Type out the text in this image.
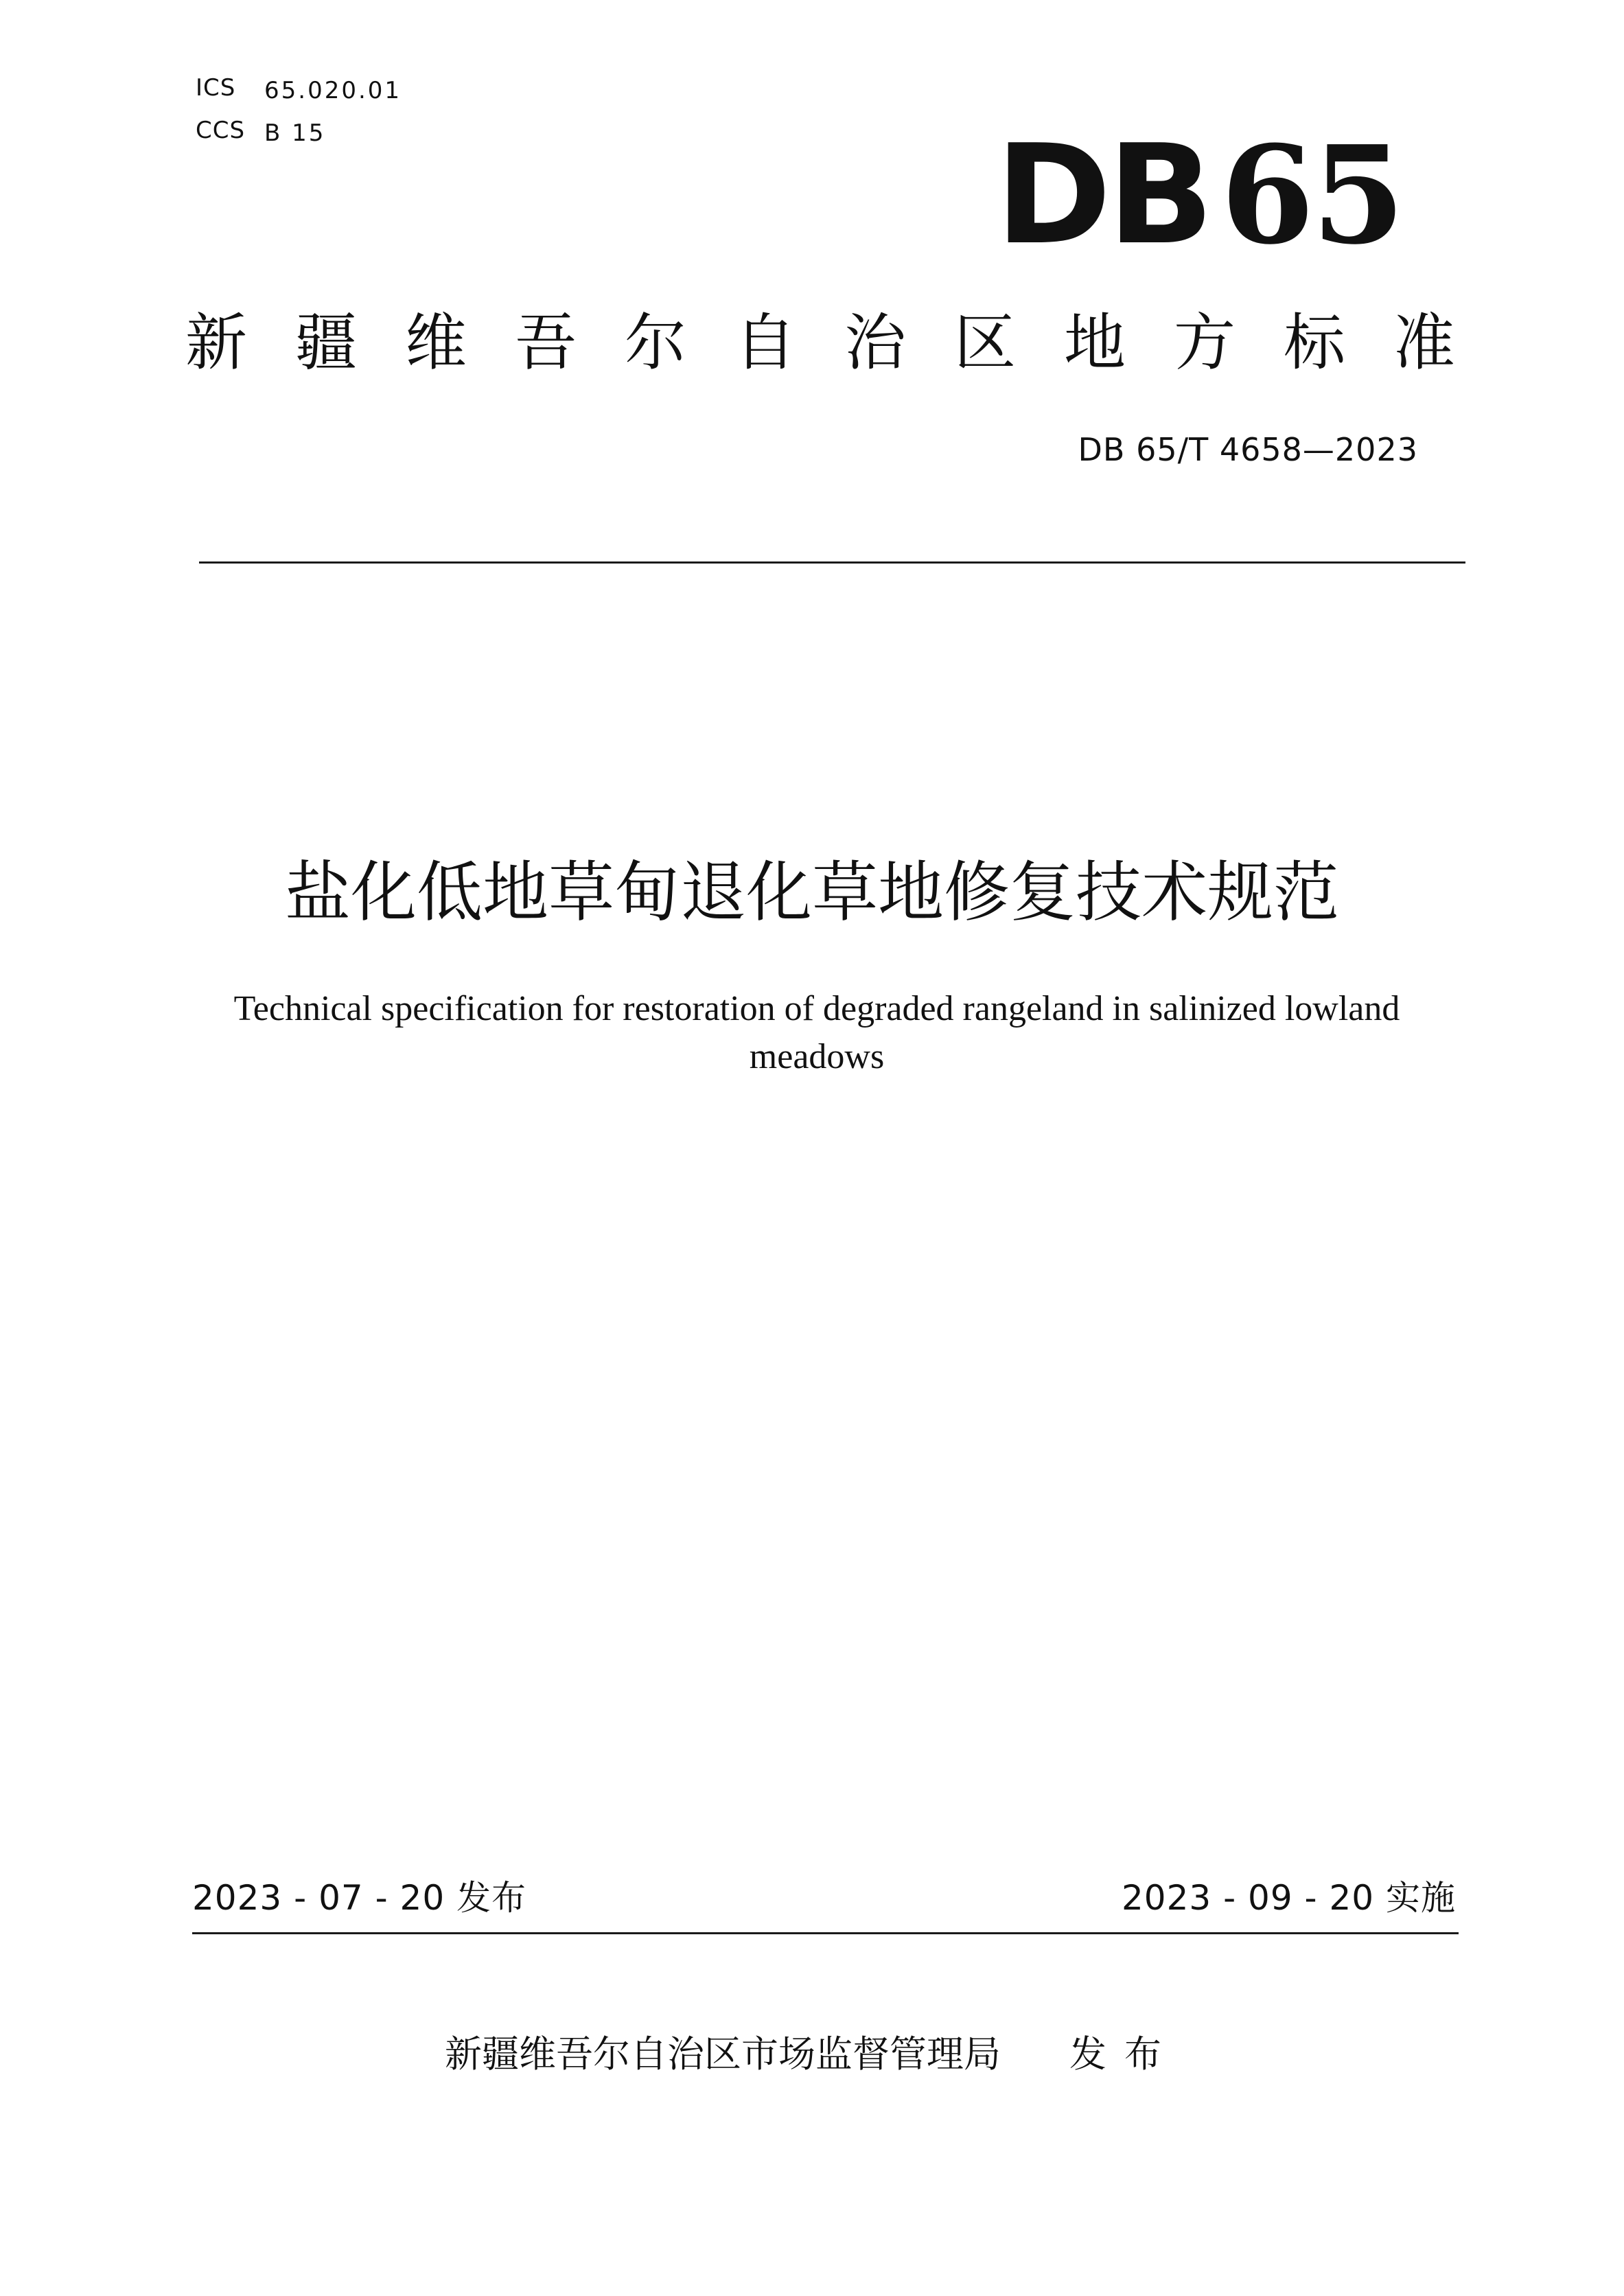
ICS 65.020.01
CCS B 15	DB 65
新 疆 维 吾 尔 自 治 区 地 方 标 准
DB 65/T 4658—2023
盐化低地草甸退化草地修复技术规范
Technical specification for restoration of degraded rangeland in salinized lowland meadows
2023 - 07 - 20 发布	2023 - 09 - 20 实施
新疆维吾尔自治区市场监督管理局 发布
